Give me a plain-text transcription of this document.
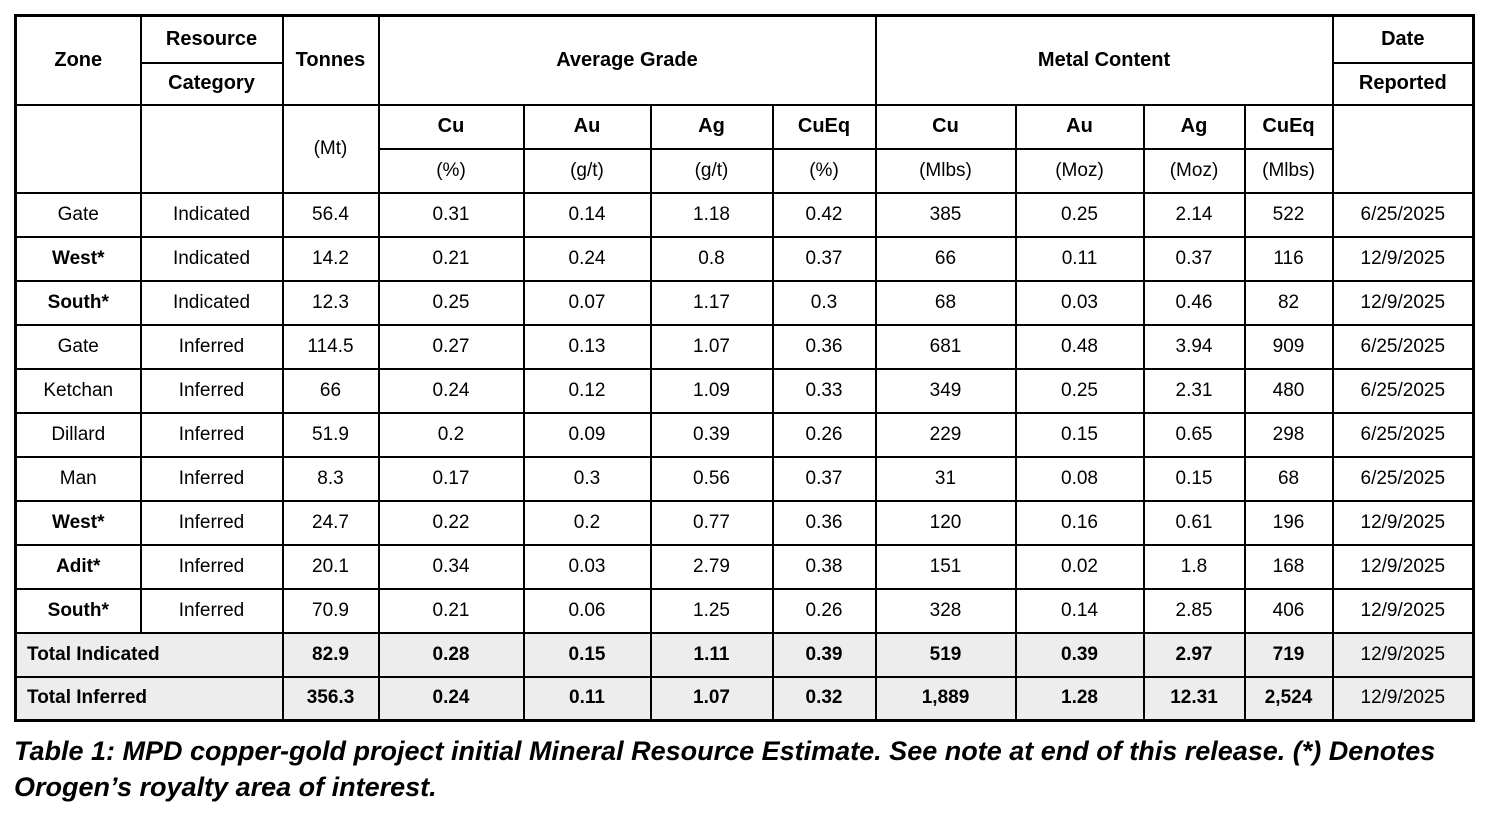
Zone	Resource	Tonnes	Average Grade				Metal Content				Date
	Category										Reported
		(Mt)	Cu	Au	Ag	CuEq	Cu	Au	Ag	CuEq	
			(%)	(g/t)	(g/t)	(%)	(Mlbs)	(Moz)	(Moz)	(Mlbs)	
Gate	Indicated	56.4	0.31	0.14	1.18	0.42	385	0.25	2.14	522	6/25/2025
West*	Indicated	14.2	0.21	0.24	0.8	0.37	66	0.11	0.37	116	12/9/2025
South*	Indicated	12.3	0.25	0.07	1.17	0.3	68	0.03	0.46	82	12/9/2025
Gate	Inferred	114.5	0.27	0.13	1.07	0.36	681	0.48	3.94	909	6/25/2025
Ketchan	Inferred	66	0.24	0.12	1.09	0.33	349	0.25	2.31	480	6/25/2025
Dillard	Inferred	51.9	0.2	0.09	0.39	0.26	229	0.15	0.65	298	6/25/2025
Man	Inferred	8.3	0.17	0.3	0.56	0.37	31	0.08	0.15	68	6/25/2025
West*	Inferred	24.7	0.22	0.2	0.77	0.36	120	0.16	0.61	196	12/9/2025
Adit*	Inferred	20.1	0.34	0.03	2.79	0.38	151	0.02	1.8	168	12/9/2025
South*	Inferred	70.9	0.21	0.06	1.25	0.26	328	0.14	2.85	406	12/9/2025
Total Indicated		82.9	0.28	0.15	1.11	0.39	519	0.39	2.97	719	12/9/2025
Total Inferred		356.3	0.24	0.11	1.07	0.32	1,889	1.28	12.31	2,524	12/9/2025

Table 1: MPD copper-gold project initial Mineral Resource Estimate. See note at end of this release. (*) Denotes Orogen’s royalty area of interest.
